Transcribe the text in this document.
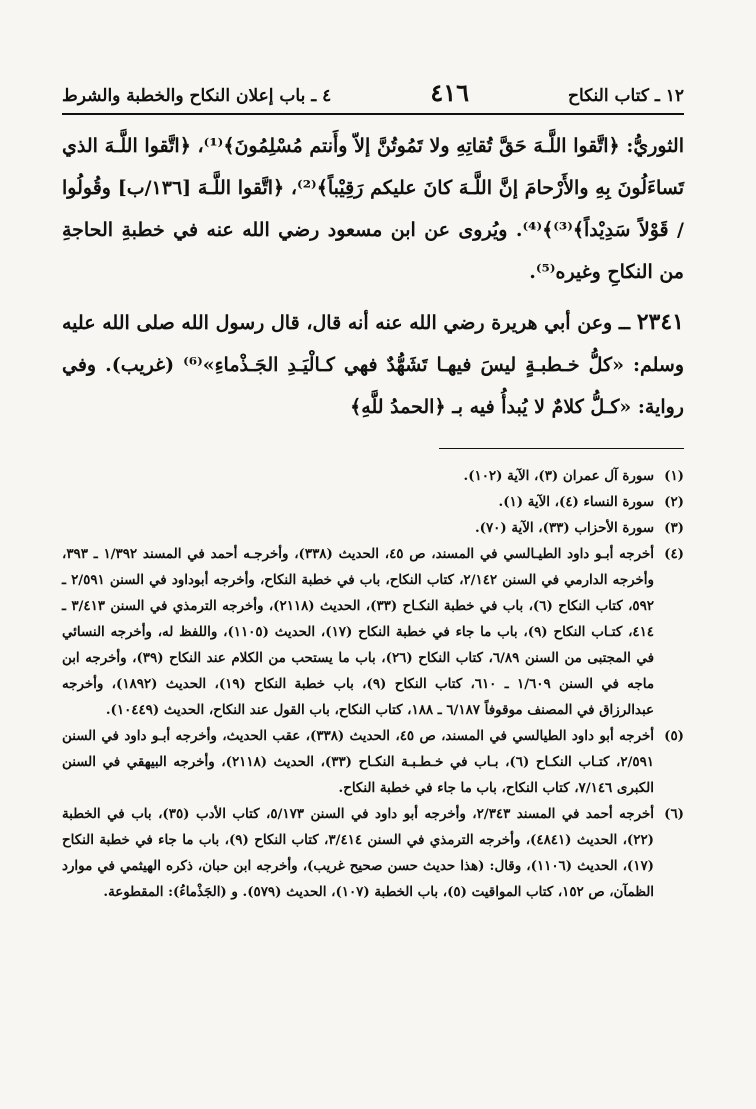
١٢ ـ كتاب النكاح
٤١٦
٤ ـ باب إعلان النكاح والخطبة والشرط

الثوريُّ: ﴿اتَّقوا اللَّـهَ حَقَّ تُقاتِهِ ولا تَمُوتُنَّ إلاّ وأَنتم مُسْلِمُونَ﴾⁽¹⁾، ﴿اتَّقوا اللَّـهَ الذي تَساءَلُونَ بِهِ والأَرْحامَ إنَّ اللَّـهَ كانَ عليكم رَقِيْباً﴾⁽²⁾، ﴿اتَّقوا اللَّـهَ [١٣٦/ب] وقُولُوا / قَوْلاً سَدِيْداً﴾⁽³⁾﴾⁽⁴⁾. ويُروى عن ابن مسعود رضي الله عنه في خطبةِ الحاجةِ من النكاحِ وغيره⁽⁵⁾.

٢٣٤١ ــ وعن أبي هريرة رضي الله عنه أنه قال، قال رسول الله صلى الله عليه وسلم: «كلُّ خـطبـةٍ ليسَ فيهـا تَشَهُّدٌ فهي كـالْيَـدِ الجَـذْماءِ»⁽⁶⁾ (غريب). وفي رواية: «كـلُّ كلامٌ لا يُبدأُ فيه بـ ﴿الحمدُ للَّهِ﴾

(١)
سورة آل عمران (٣)، الآية (١٠٢).
(٢)
سورة النساء (٤)، الآية (١).
(٣)
سورة الأحزاب (٣٣)، الآية (٧٠).
(٤)
أخرجه أبـو داود الطيـالسي في المسند، ص ٤٥، الحديث (٣٣٨)، وأخرجـه أحمد في المسند ١/٣٩٢ ـ ٣٩٣، وأخرجه الدارمي في السنن ٢/١٤٢، كتاب النكاح، باب في خطبة النكاح، وأخرجه أبوداود في السنن ٢/٥٩١ ـ ٥٩٢، كتاب النكاح (٦)، باب في خطبة النكـاح (٣٣)، الحديث (٢١١٨)، وأخرجه الترمذي في السنن ٣/٤١٣ ـ ٤١٤، كتـاب النكاح (٩)، باب ما جاء في خطبة النكاح (١٧)، الحديث (١١٠٥)، واللفظ له، وأخرجه النسائي في المجتبى من السنن ٦/٨٩، كتاب النكاح (٢٦)، باب ما يستحب من الكلام عند النكاح (٣٩)، وأخرجه ابن ماجه في السنن ١/٦٠٩ ـ ٦١٠، كتاب النكاح (٩)، باب خطبة النكاح (١٩)، الحديث (١٨٩٢)، وأخرجه عبدالرزاق في المصنف موقوفاً ٦/١٨٧ ـ ١٨٨، كتاب النكاح، باب القول عند النكاح، الحديث (١٠٤٤٩).
(٥)
أخرجه أبو داود الطيالسي في المسند، ص ٤٥، الحديث (٣٣٨)، عقب الحديث، وأخرجه أبـو داود في السنن ٢/٥٩١، كتـاب النكـاح (٦)، بـاب في خـطـبـة النكـاح (٣٣)، الحديث (٢١١٨)، وأخرجه البيهقي في السنن الكبرى ٧/١٤٦، كتاب النكاح، باب ما جاء في خطبة النكاح.
(٦)
أخرجه أحمد في المسند ٢/٣٤٣، وأخرجه أبو داود في السنن ٥/١٧٣، كتاب الأدب (٣٥)، باب في الخطبة (٢٢)، الحديث (٤٨٤١)، وأخرجه الترمذي في السنن ٣/٤١٤، كتاب النكاح (٩)، باب ما جاء في خطبة النكاح (١٧)، الحديث (١١٠٦)، وقال: (هذا حديث حسن صحيح غريب)، وأخرجه ابن حبان، ذكره الهيثمي في موارد الظمآن، ص ١٥٢، كتاب المواقيت (٥)، باب الخطبة (١٠٧)، الحديث (٥٧٩). و (الجَذْماءُ): المقطوعة.
